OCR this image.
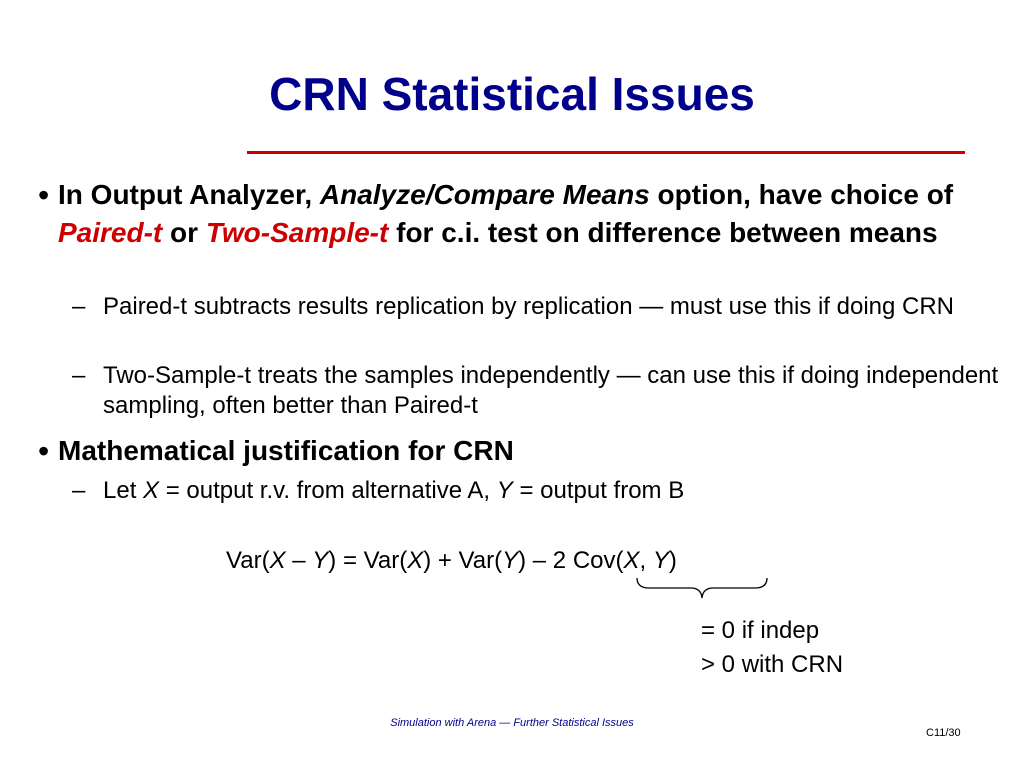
CRN Statistical Issues
• In Output Analyzer, Analyze/Compare Means option, have choice of Paired-t or Two-Sample-t for c.i. test on difference between means
– Paired-t subtracts results replication by replication — must use this if doing CRN
– Two-Sample-t treats the samples independently — can use this if doing independent sampling, often better than Paired-t
• Mathematical justification for CRN
– Let X = output r.v. from alternative A, Y = output from B
Var(X – Y) = Var(X) + Var(Y) – 2 Cov(X, Y)
= 0 if indep
> 0 with CRN
Simulation with Arena — Further Statistical Issues
C11/30
